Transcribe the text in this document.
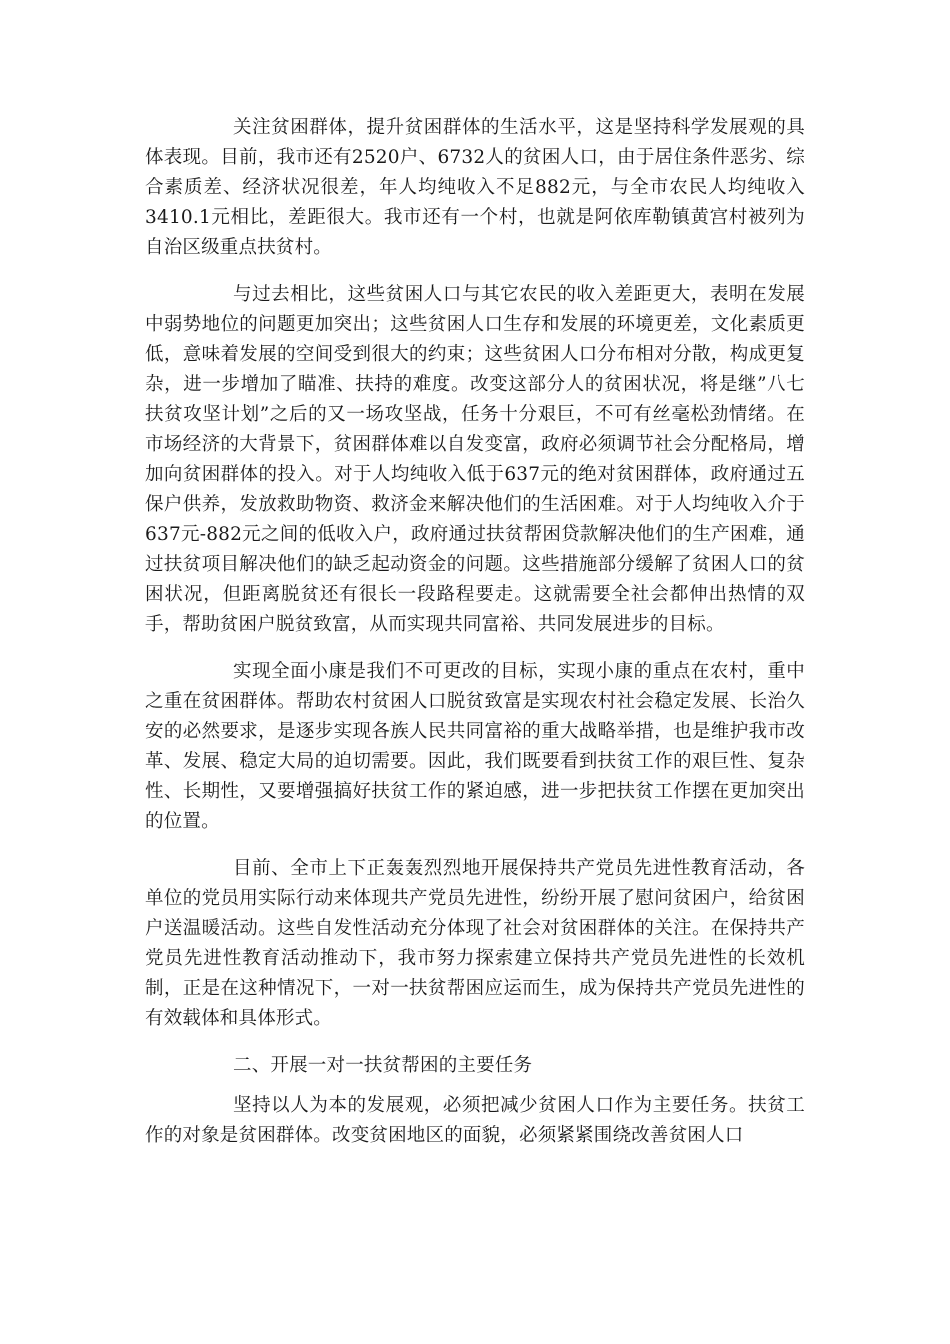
关注贫困群体，提升贫困群体的生活水平，这是坚持科学发展观的具体表现。目前，我市还有2520户、6732人的贫困人口，由于居住条件恶劣、综合素质差、经济状况很差，年人均纯收入不足882元，与全市农民人均纯收入3410.1元相比，差距很大。我市还有一个村，也就是阿依库勒镇黄宫村被列为自治区级重点扶贫村。

与过去相比，这些贫困人口与其它农民的收入差距更大，表明在发展中弱势地位的问题更加突出；这些贫困人口生存和发展的环境更差，文化素质更低，意味着发展的空间受到很大的约束；这些贫困人口分布相对分散，构成更复杂，进一步增加了瞄准、扶持的难度。改变这部分人的贫困状况，将是继”八七扶贫攻坚计划”之后的又一场攻坚战，任务十分艰巨，不可有丝毫松劲情绪。在市场经济的大背景下，贫困群体难以自发变富，政府必须调节社会分配格局，增加向贫困群体的投入。对于人均纯收入低于637元的绝对贫困群体，政府通过五保户供养，发放救助物资、救济金来解决他们的生活困难。对于人均纯收入介于637元-882元之间的低收入户，政府通过扶贫帮困贷款解决他们的生产困难，通过扶贫项目解决他们的缺乏起动资金的问题。这些措施部分缓解了贫困人口的贫困状况，但距离脱贫还有很长一段路程要走。这就需要全社会都伸出热情的双手，帮助贫困户脱贫致富，从而实现共同富裕、共同发展进步的目标。

实现全面小康是我们不可更改的目标，实现小康的重点在农村，重中之重在贫困群体。帮助农村贫困人口脱贫致富是实现农村社会稳定发展、长治久安的必然要求，是逐步实现各族人民共同富裕的重大战略举措，也是维护我市改革、发展、稳定大局的迫切需要。因此，我们既要看到扶贫工作的艰巨性、复杂性、长期性，又要增强搞好扶贫工作的紧迫感，进一步把扶贫工作摆在更加突出的位置。

目前、全市上下正轰轰烈烈地开展保持共产党员先进性教育活动，各单位的党员用实际行动来体现共产党员先进性，纷纷开展了慰问贫困户，给贫困户送温暖活动。这些自发性活动充分体现了社会对贫困群体的关注。在保持共产党员先进性教育活动推动下，我市努力探索建立保持共产党员先进性的长效机制，正是在这种情况下，一对一扶贫帮困应运而生，成为保持共产党员先进性的有效载体和具体形式。

二、开展一对一扶贫帮困的主要任务

坚持以人为本的发展观，必须把减少贫困人口作为主要任务。扶贫工作的对象是贫困群体。改变贫困地区的面貌，必须紧紧围绕改善贫困人口
